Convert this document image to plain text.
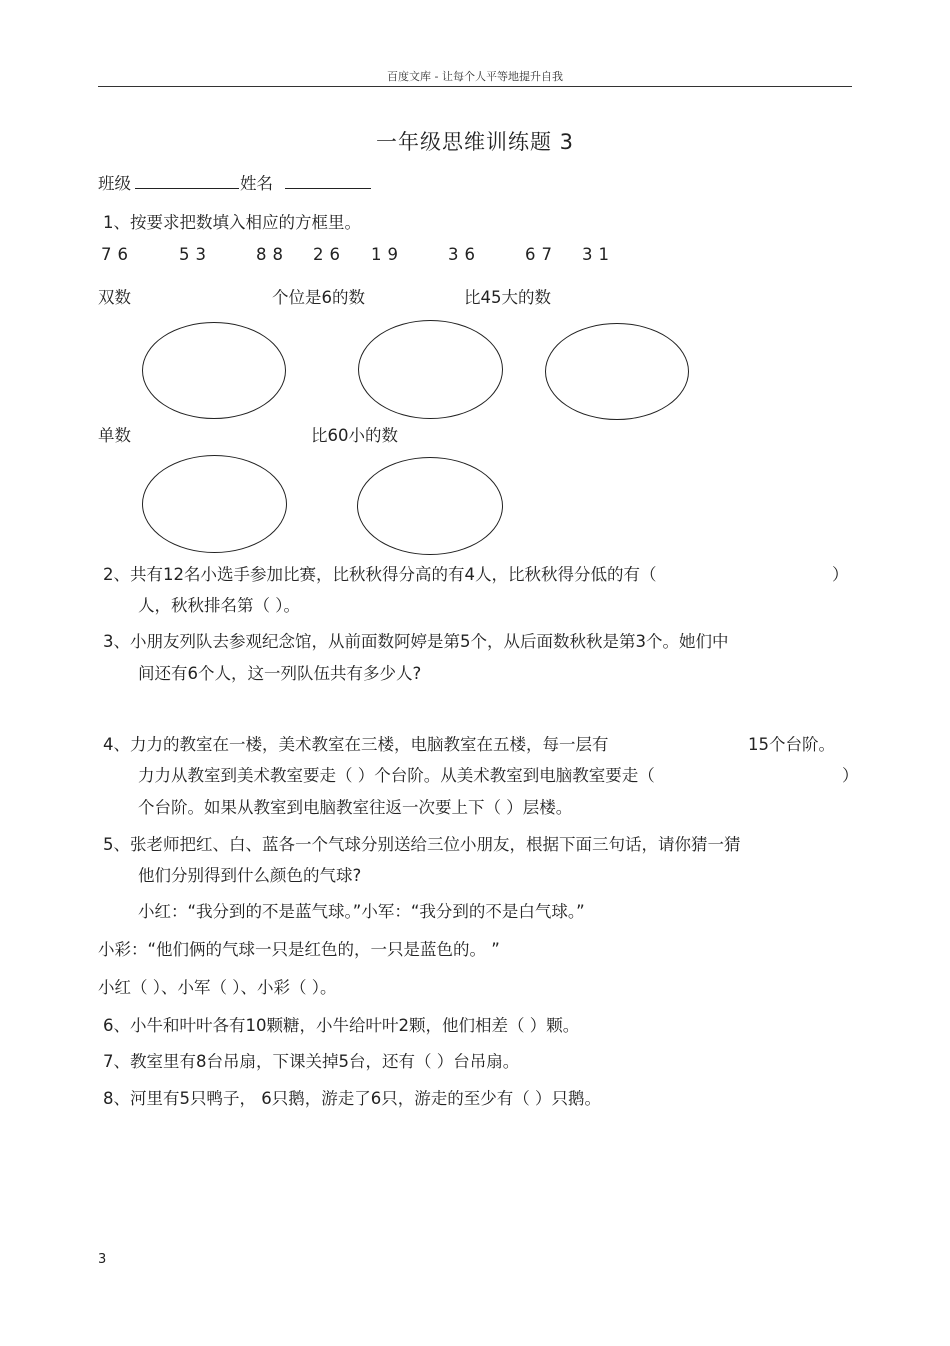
百度文库 - 让每个人平等地提升自我
一年级思维训练题 3
班级	姓名
1、按要求把数填入相应的方框里。
76	53	88 26 19	36	67 31
双数	个位是6的数	比45大的数
单数	比60小的数
2、共有12名小选手参加比赛，比秋秋得分高的有4人，比秋秋得分低的有（	）
人，秋秋排名第（ ）。
3、小朋友列队去参观纪念馆，从前面数阿婷是第5个，从后面数秋秋是第3个。她们中
间还有6个人，这一列队伍共有多少人?
4、力力的教室在一楼，美术教室在三楼，电脑教室在五楼，每一层有	15个台阶。
力力从教室到美术教室要走（ ）个台阶。从美术教室到电脑教室要走（	）
个台阶。如果从教室到电脑教室往返一次要上下（ ）层楼。
5、张老师把红、白、蓝各一个气球分别送给三位小朋友，根据下面三句话，请你猜一猜
他们分别得到什么颜色的气球?
小红：“我分到的不是蓝气球。”小军：“我分到的不是白气球。”
小彩：“他们俩的气球一只是红色的，一只是蓝色的。 ”
小红（ ）、小军（ ）、小彩（ ）。
6、小牛和叶叶各有10颗糖，小牛给叶叶2颗，他们相差（ ）颗。
7、教室里有8台吊扇，下课关掉5台，还有（ ）台吊扇。
8、河里有5只鸭子， 6只鹅，游走了6只，游走的至少有（ ）只鹅。
3
